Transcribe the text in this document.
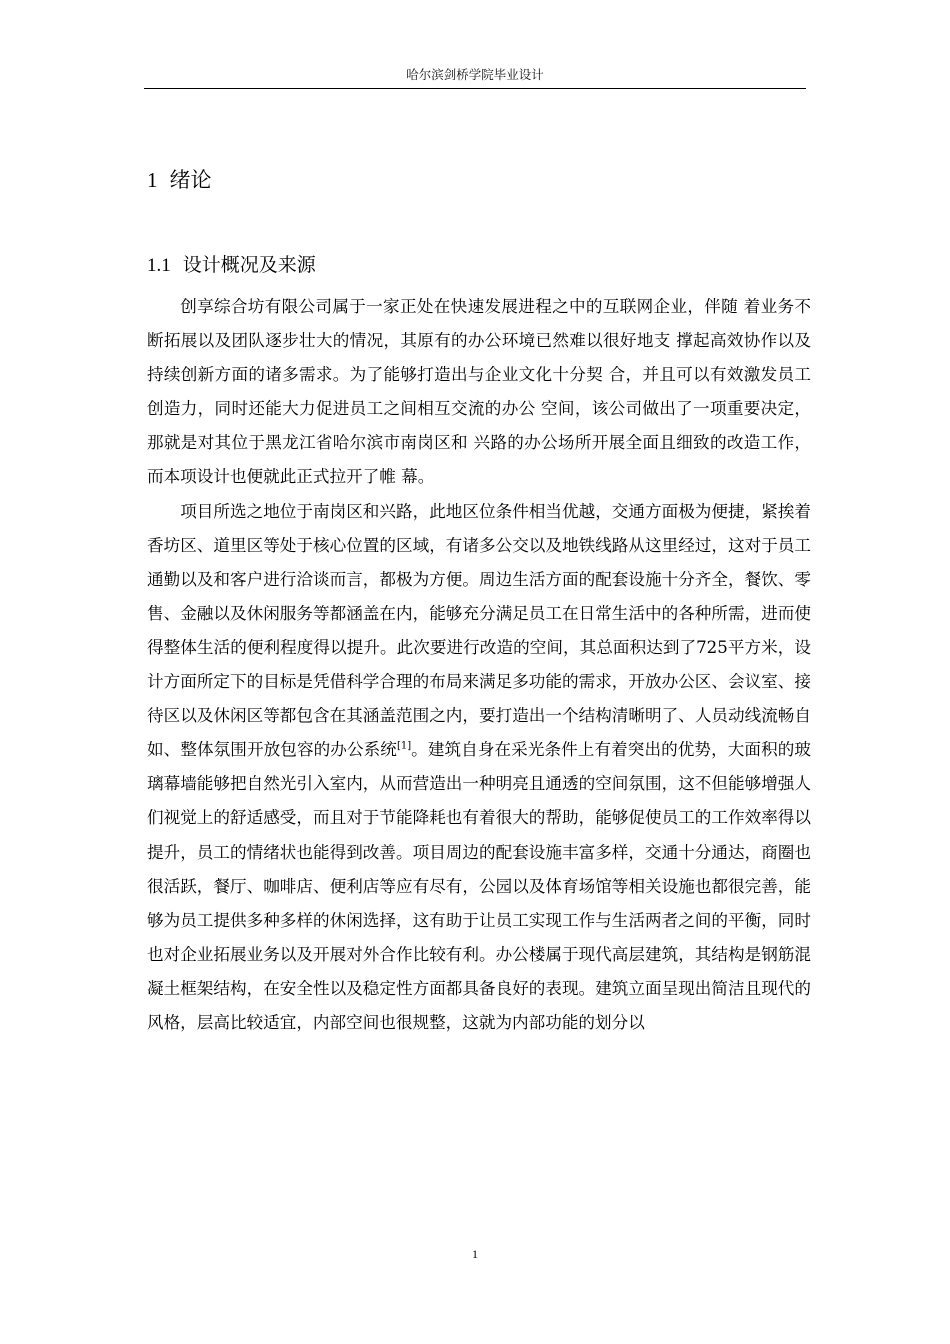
哈尔滨剑桥学院毕业设计
1 绪论
1.1 设计概况及来源

创享综合坊有限公司属于一家正处在快速发展进程之中的互联网企业，伴随 着业务不断拓展以及团队逐步壮大的情况，其原有的办公环境已然难以很好地支 撑起高效协作以及持续创新方面的诸多需求。为了能够打造出与企业文化十分契 合，并且可以有效激发员工创造力，同时还能大力促进员工之间相互交流的办公 空间，该公司做出了一项重要决定，那就是对其位于黑龙江省哈尔滨市南岗区和 兴路的办公场所开展全面且细致的改造工作，而本项设计也便就此正式拉开了帷 幕。

项目所选之地位于南岗区和兴路，此地区位条件相当优越，交通方面极为便捷，紧挨着香坊区、道里区等处于核心位置的区域，有诸多公交以及地铁线路从这里经过，这对于员工通勤以及和客户进行洽谈而言，都极为方便。周边生活方面的配套设施十分齐全，餐饮、零售、金融以及休闲服务等都涵盖在内，能够充分满足员工在日常生活中的各种所需，进而使得整体生活的便利程度得以提升。此次要进行改造的空间，其总面积达到了725平方米，设计方面所定下的目标是凭借科学合理的布局来满足多功能的需求，开放办公区、会议室、接待区以及休闲区等都包含在其涵盖范围之内，要打造出一个结构清晰明了、人员动线流畅自如、整体氛围开放包容的办公系统[1]。建筑自身在采光条件上有着突出的优势，大面积的玻璃幕墙能够把自然光引入室内，从而营造出一种明亮且通透的空间氛围，这不但能够增强人们视觉上的舒适感受，而且对于节能降耗也有着很大的帮助，能够促使员工的工作效率得以提升，员工的情绪状也能得到改善。项目周边的配套设施丰富多样，交通十分通达，商圈也很活跃，餐厅、咖啡店、便利店等应有尽有，公园以及体育场馆等相关设施也都很完善，能够为员工提供多种多样的休闲选择，这有助于让员工实现工作与生活两者之间的平衡，同时也对企业拓展业务以及开展对外合作比较有利。办公楼属于现代高层建筑，其结构是钢筋混凝土框架结构，在安全性以及稳定性方面都具备良好的表现。建筑立面呈现出简洁且现代的风格，层高比较适宜，内部空间也很规整，这就为内部功能的划分以

1
